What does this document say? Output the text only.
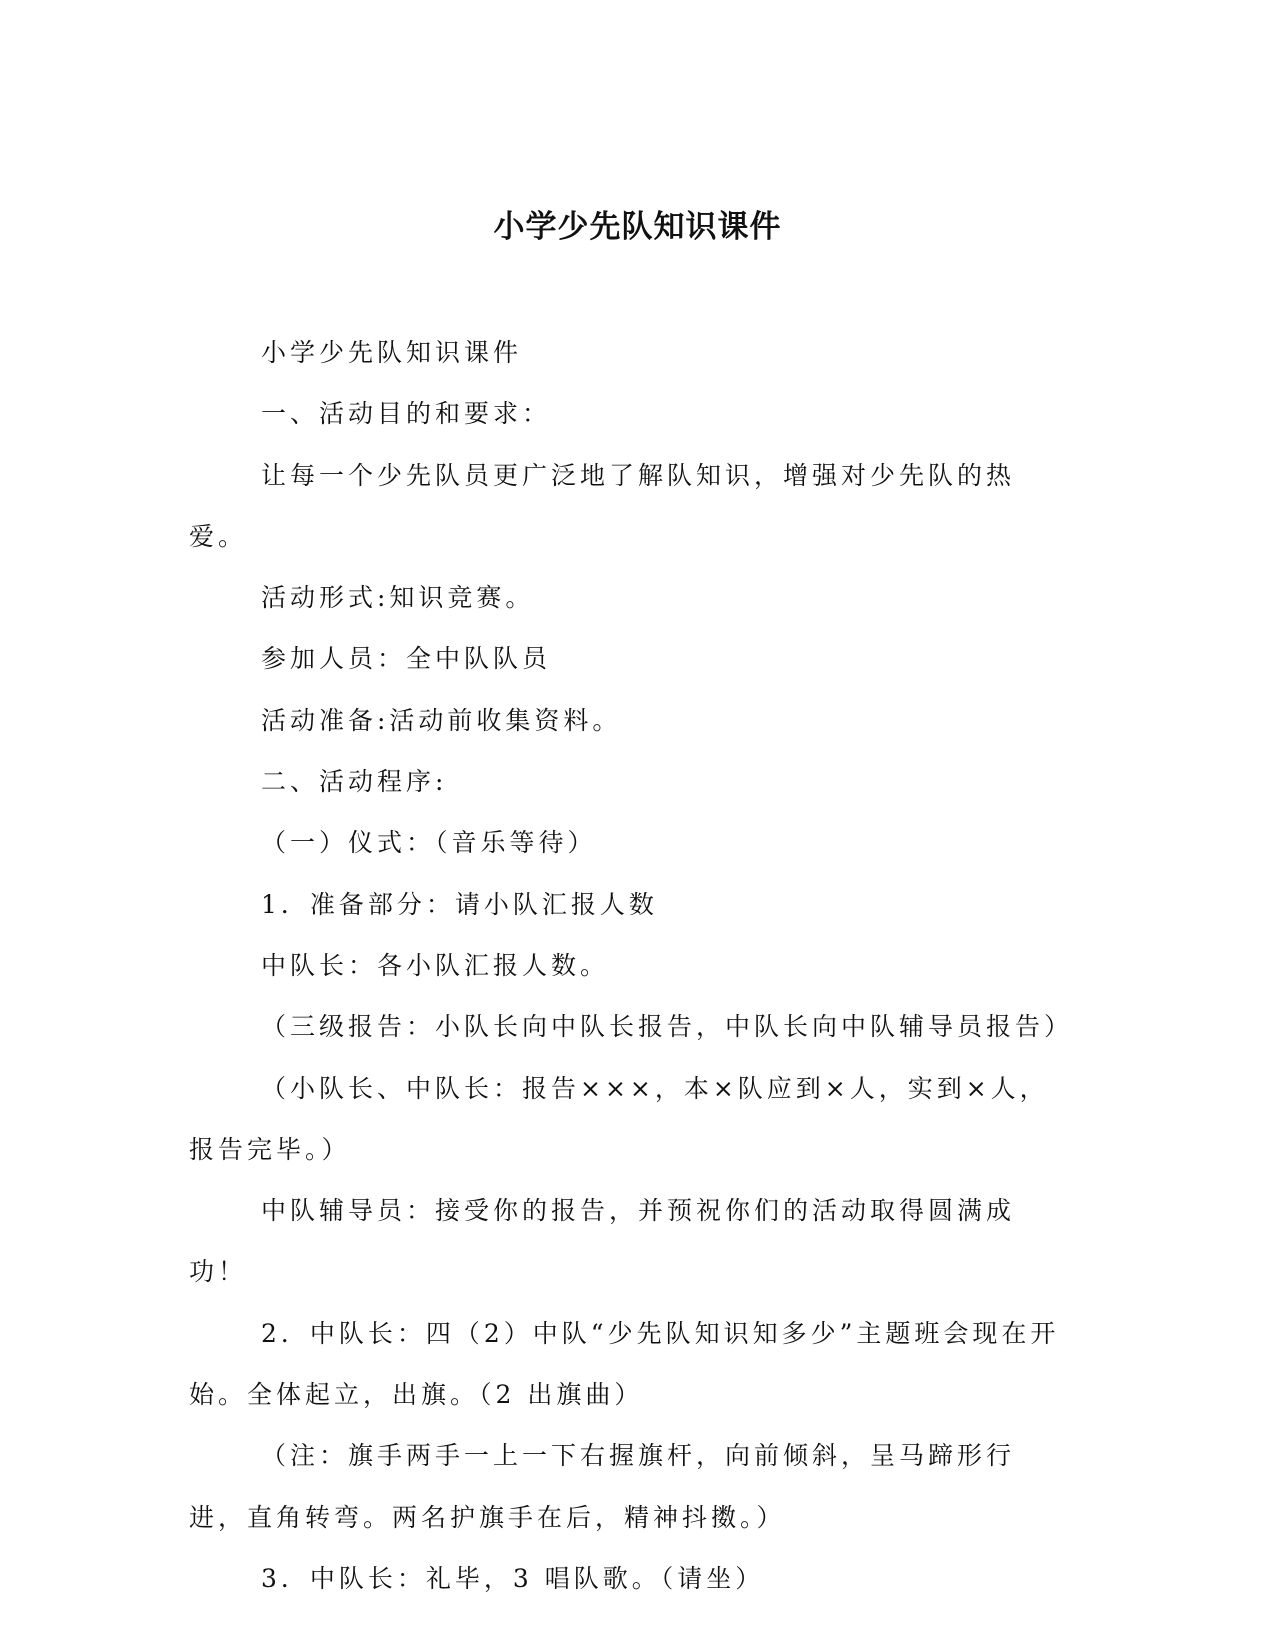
小学少先队知识课件

小学少先队知识课件

一、活动目的和要求：

让每一个少先队员更广泛地了解队知识，增强对少先队的热爱。

活动形式:知识竞赛。

参加人员：全中队队员

活动准备:活动前收集资料。

二、活动程序:

（一）仪式：（音乐等待）

1．准备部分：请小队汇报人数

中队长：各小队汇报人数。

（三级报告：小队长向中队长报告，中队长向中队辅导员报告）

（小队长、中队长：报告×××，本×队应到×人，实到×人，报告完毕。）

中队辅导员：接受你的报告，并预祝你们的活动取得圆满成功！

2．中队长：四（2）中队“少先队知识知多少”主题班会现在开始。全体起立，出旗。（2 出旗曲）

（注：旗手两手一上一下右握旗杆，向前倾斜，呈马蹄形行进，直角转弯。两名护旗手在后，精神抖擞。）

3．中队长：礼毕，3 唱队歌。（请坐）
